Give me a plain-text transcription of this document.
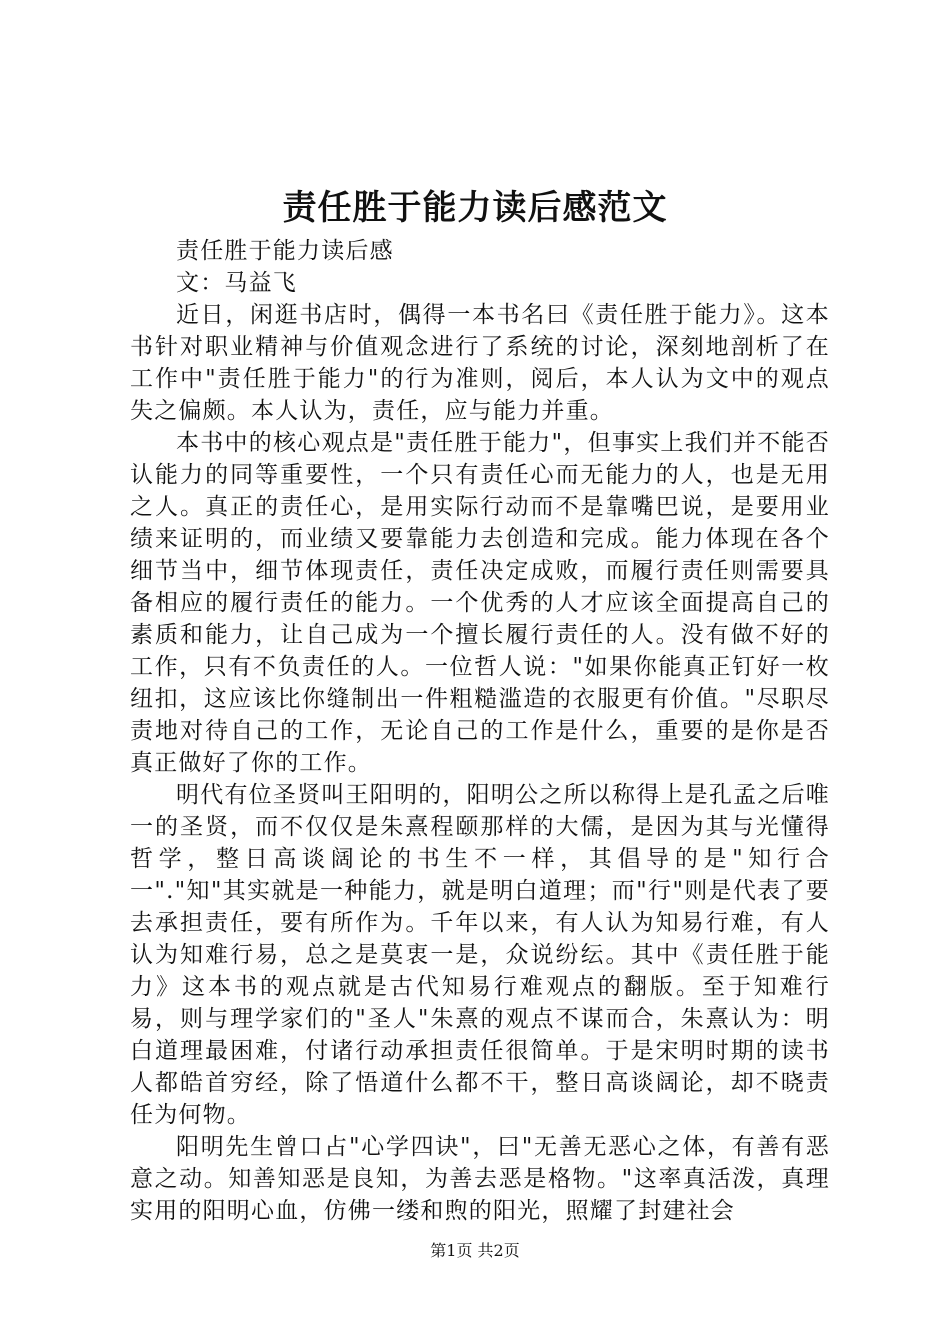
责任胜于能力读后感范文

责任胜于能力读后感

文：马益飞

近日，闲逛书店时，偶得一本书名曰《责任胜于能力》。这本书针对职业精神与价值观念进行了系统的讨论，深刻地剖析了在工作中"责任胜于能力"的行为准则，阅后，本人认为文中的观点失之偏颇。本人认为，责任，应与能力并重。

本书中的核心观点是"责任胜于能力"，但事实上我们并不能否认能力的同等重要性，一个只有责任心而无能力的人，也是无用之人。真正的责任心，是用实际行动而不是靠嘴巴说，是要用业绩来证明的，而业绩又要靠能力去创造和完成。能力体现在各个细节当中，细节体现责任，责任决定成败，而履行责任则需要具备相应的履行责任的能力。一个优秀的人才应该全面提高自己的素质和能力，让自己成为一个擅长履行责任的人。没有做不好的工作，只有不负责任的人。一位哲人说："如果你能真正钉好一枚纽扣，这应该比你缝制出一件粗糙滥造的衣服更有价值。"尽职尽责地对待自己的工作，无论自己的工作是什么，重要的是你是否真正做好了你的工作。

明代有位圣贤叫王阳明的，阳明公之所以称得上是孔孟之后唯一的圣贤，而不仅仅是朱熹程颐那样的大儒，是因为其与光懂得哲学，整日高谈阔论的书生不一样，其倡导的是"知行合一"."知"其实就是一种能力，就是明白道理；而"行"则是代表了要去承担责任，要有所作为。千年以来，有人认为知易行难，有人认为知难行易，总之是莫衷一是，众说纷纭。其中《责任胜于能力》这本书的观点就是古代知易行难观点的翻版。至于知难行易，则与理学家们的"圣人"朱熹的观点不谋而合，朱熹认为：明白道理最困难，付诸行动承担责任很简单。于是宋明时期的读书人都皓首穷经，除了悟道什么都不干，整日高谈阔论，却不晓责任为何物。

阳明先生曾口占"心学四诀"，曰"无善无恶心之体，有善有恶意之动。知善知恶是良知，为善去恶是格物。"这率真活泼，真理实用的阳明心血，仿佛一缕和煦的阳光，照耀了封建社会

第1页 共2页
